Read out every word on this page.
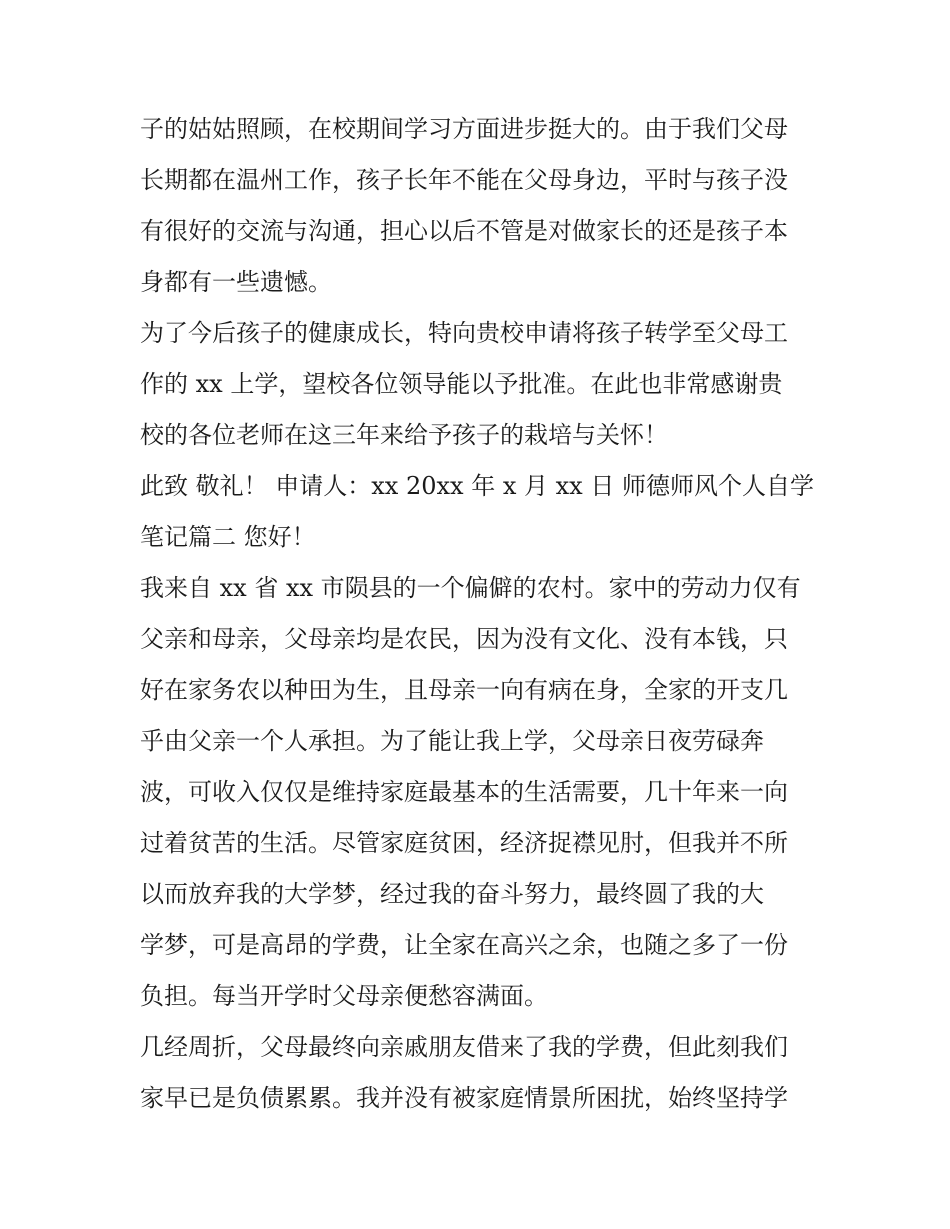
子的姑姑照顾，在校期间学习方面进步挺大的。由于我们父母
长期都在温州工作，孩子长年不能在父母身边，平时与孩子没
有很好的交流与沟通，担心以后不管是对做家长的还是孩子本
身都有一些遗憾。
为了今后孩子的健康成长，特向贵校申请将孩子转学至父母工
作的 xx 上学，望校各位领导能以予批准。在此也非常感谢贵
校的各位老师在这三年来给予孩子的栽培与关怀！
此致 敬礼！ 申请人：xx 20xx 年 x 月 xx 日 师德师风个人自学
笔记篇二 您好！
我来自 xx 省 xx 市陨县的一个偏僻的农村。家中的劳动力仅有
父亲和母亲，父母亲均是农民，因为没有文化、没有本钱，只
好在家务农以种田为生，且母亲一向有病在身，全家的开支几
乎由父亲一个人承担。为了能让我上学，父母亲日夜劳碌奔
波，可收入仅仅是维持家庭最基本的生活需要，几十年来一向
过着贫苦的生活。尽管家庭贫困，经济捉襟见肘，但我并不所
以而放弃我的大学梦，经过我的奋斗努力，最终圆了我的大
学梦，可是高昂的学费，让全家在高兴之余，也随之多了一份
负担。每当开学时父母亲便愁容满面。
几经周折，父母最终向亲戚朋友借来了我的学费，但此刻我们
家早已是负债累累。我并没有被家庭情景所困扰，始终坚持学
